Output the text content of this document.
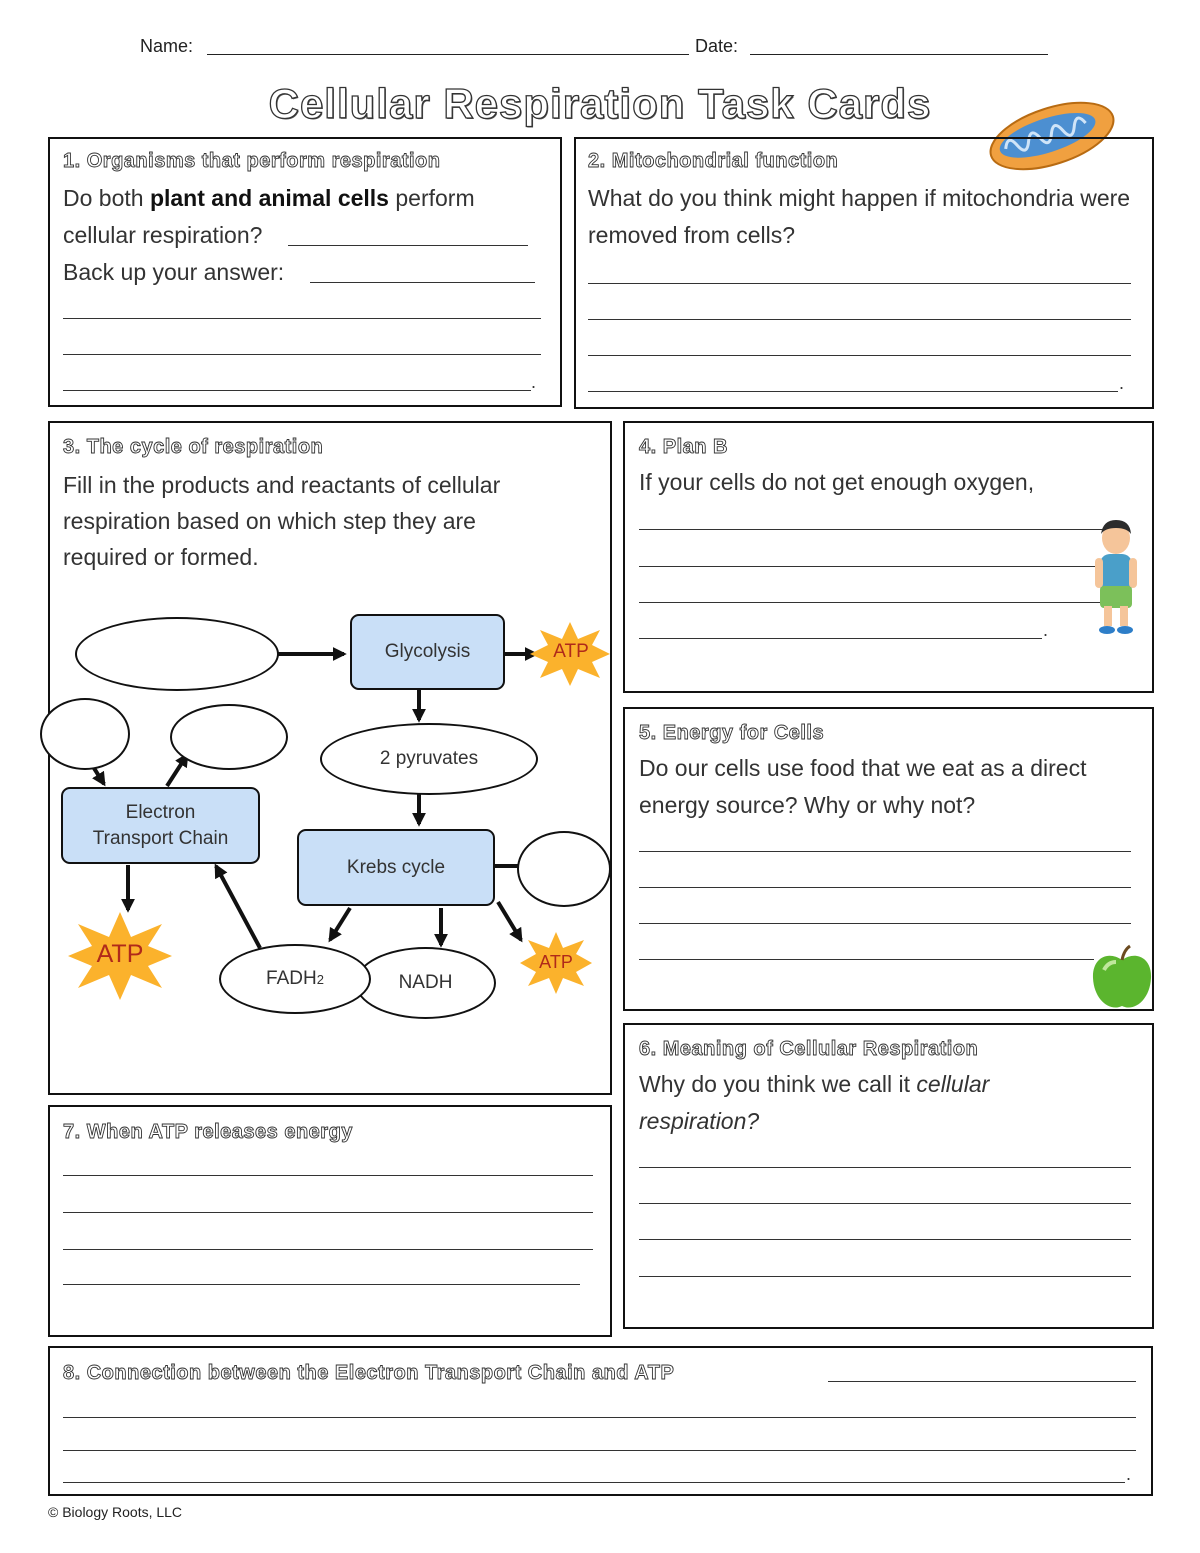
Name:	Date:
Cellular Respiration Task Cards
1. Organisms that perform respiration
Do both plant and animal cells perform
cellular respiration?
Back up your answer:
.
2. Mitochondrial function
What do you think might happen if mitochondria were removed from cells?
.
3. The cycle of respiration
Fill in the products and reactants of cellular respiration based on which step they are required or formed.
Glycolysis	ATP
2 pyruvates
Electron
Transport Chain
Krebs cycle
ATP	ATP
NADH
FADH 2
4. Plan B
If your cells do not get enough oxygen,
.
5. Energy for Cells
Do our cells use food that we eat as a direct energy source? Why or why not?
6. Meaning of Cellular Respiration
Why do you think we call it cellular respiration?
7. When ATP releases energy
8. Connection between the Electron Transport Chain and ATP
.
© Biology Roots, LLC
